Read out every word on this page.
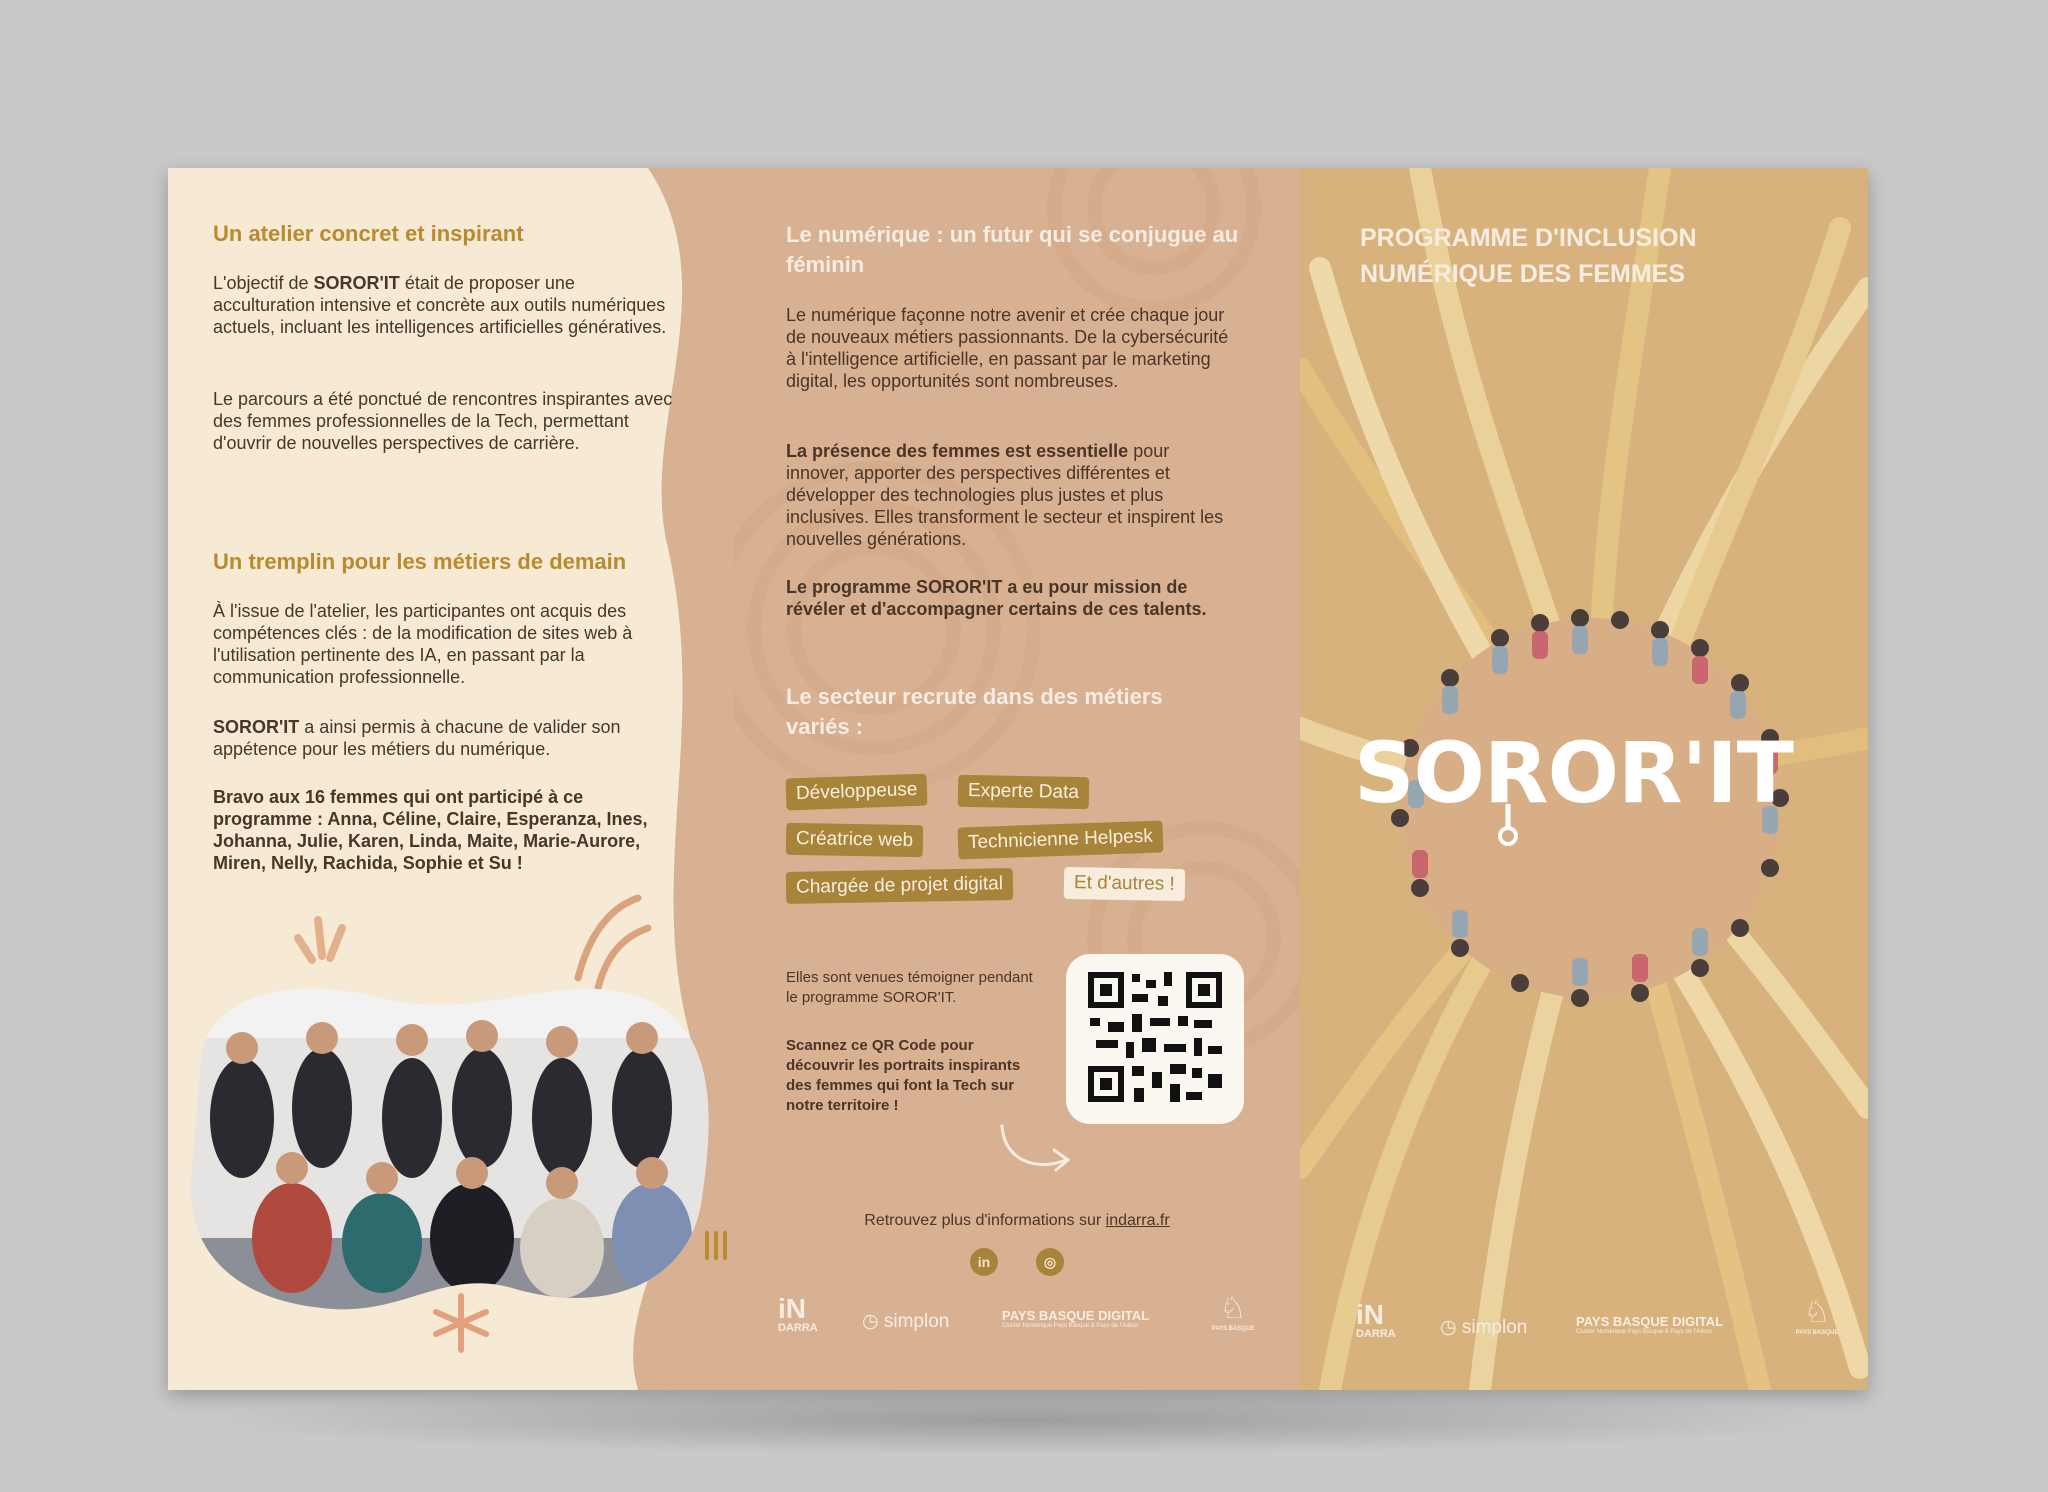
Un atelier concret et inspirant
L'objectif de SOROR'IT était de proposer une acculturation intensive et concrète aux outils numériques actuels, incluant les intelligences artificielles génératives.
Le parcours a été ponctué de rencontres inspirantes avec des femmes professionnelles de la Tech, permettant d'ouvrir de nouvelles perspectives de carrière.
Un tremplin pour les métiers de demain
À l'issue de l'atelier, les participantes ont acquis des compétences clés : de la modification de sites web à l'utilisation pertinente des IA, en passant par la communication professionnelle.
SOROR'IT a ainsi permis à chacune de valider son appétence pour les métiers du numérique.
Bravo aux 16 femmes qui ont participé à ce programme : Anna, Céline, Claire, Esperanza, Ines, Johanna, Julie, Karen, Linda, Maite, Marie-Aurore, Miren, Nelly, Rachida, Sophie et Su !
Le numérique : un futur qui se conjugue au féminin
Le numérique façonne notre avenir et crée chaque jour de nouveaux métiers passionnants. De la cybersécurité à l'intelligence artificielle, en passant par le marketing digital, les opportunités sont nombreuses.
La présence des femmes est essentielle pour innover, apporter des perspectives différentes et développer des technologies plus justes et plus inclusives. Elles transforment le secteur et inspirent les nouvelles générations.
Le programme SOROR'IT a eu pour mission de révéler et d'accompagner certains de ces talents.
Le secteur recrute dans des métiers variés :
Développeuse	Experte Data
Créatrice web	Technicienne Helpesk
Chargée de projet digital	Et d'autres !
Elles sont venues témoigner pendant le programme SOROR'IT.
Scannez ce QR Code pour découvrir les portraits inspirants des femmes qui font la Tech sur notre territoire !
Retrouvez plus d'informations sur indarra.fr
in	◎
iN
DARRA ◷ simplon	PAYS BASQUE DIGITAL
Cluster Numérique Pays Basque & Pays de l'Adour
♘
PAYS BASQUE
PROGRAMME D'INCLUSION
NUMÉRIQUE DES FEMMES
SOROR'IT
iN
DARRA ◷ simplon	PAYS BASQUE DIGITAL
Cluster Numérique Pays Basque & Pays de l'Adour
♘
PAYS BASQUE
